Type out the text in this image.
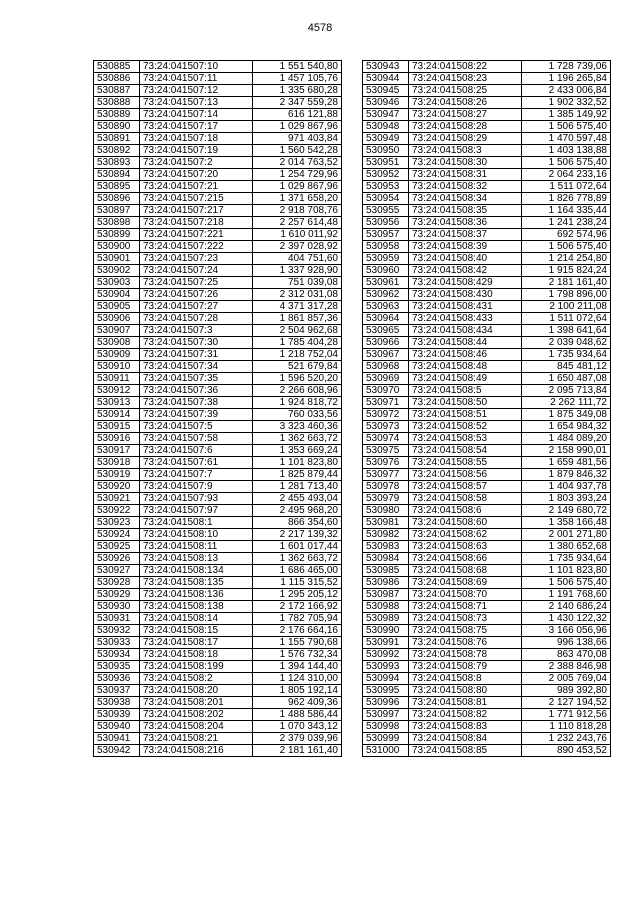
4578
530885	73:24:041507:10	1 551 540,80
530886	73:24:041507:11	1 457 105,76
530887	73:24:041507:12	1 335 680,28
530888	73:24:041507:13	2 347 559,28
530889	73:24:041507:14	616 121,88
530890	73:24:041507:17	1 029 867,96
530891	73:24:041507:18	971 403,84
530892	73:24:041507:19	1 560 542,28
530893	73:24:041507:2	2 014 763,52
530894	73:24:041507:20	1 254 729,96
530895	73:24:041507:21	1 029 867,96
530896	73:24:041507:215	1 371 658,20
530897	73:24:041507:217	2 918 708,76
530898	73:24:041507:218	2 257 614,48
530899	73:24:041507:221	1 610 011,92
530900	73:24:041507:222	2 397 028,92
530901	73:24:041507:23	404 751,60
530902	73:24:041507:24	1 337 928,90
530903	73:24:041507:25	751 039,08
530904	73:24:041507:26	2 312 031,08
530905	73:24:041507:27	4 371 317,28
530906	73:24:041507:28	1 861 857,36
530907	73:24:041507:3	2 504 962,68
530908	73:24:041507:30	1 785 404,28
530909	73:24:041507:31	1 218 752,04
530910	73:24:041507:34	521 679,84
530911	73:24:041507:35	1 596 520,20
530912	73:24:041507:36	2 266 608,96
530913	73:24:041507:38	1 924 818,72
530914	73:24:041507:39	760 033,56
530915	73:24:041507:5	3 323 460,36
530916	73:24:041507:58	1 362 663,72
530917	73:24:041507:6	1 353 669,24
530918	73:24:041507:61	1 101 823,80
530919	73:24:041507:7	1 825 879,44
530920	73:24:041507:9	1 281 713,40
530921	73:24:041507:93	2 455 493,04
530922	73:24:041507:97	2 495 968,20
530923	73:24:041508:1	866 354,60
530924	73:24:041508:10	2 217 139,32
530925	73:24:041508:11	1 601 017,44
530926	73:24:041508:13	1 362 663,72
530927	73:24:041508:134	1 686 465,00
530928	73:24:041508:135	1 115 315,52
530929	73:24:041508:136	1 295 205,12
530930	73:24:041508:138	2 172 166,92
530931	73:24:041508:14	1 782 705,94
530932	73:24:041508:15	2 176 664,16
530933	73:24:041508:17	1 155 790,68
530934	73:24:041508:18	1 576 732,34
530935	73:24:041508:199	1 394 144,40
530936	73:24:041508:2	1 124 310,00
530937	73:24:041508:20	1 805 192,14
530938	73:24:041508:201	962 409,36
530939	73:24:041508:202	1 488 586,44
530940	73:24:041508:204	1 070 343,12
530941	73:24:041508:21	2 379 039,96
530942	73:24:041508:216	2 181 161,40
530943	73:24:041508:22	1 728 739,06
530944	73:24:041508:23	1 196 265,84
530945	73:24:041508:25	2 433 006,84
530946	73:24:041508:26	1 902 332,52
530947	73:24:041508:27	1 385 149,92
530948	73:24:041508:28	1 506 575,40
530949	73:24:041508:29	1 470 597,48
530950	73:24:041508:3	1 403 138,88
530951	73:24:041508:30	1 506 575,40
530952	73:24:041508:31	2 064 233,16
530953	73:24:041508:32	1 511 072,64
530954	73:24:041508:34	1 826 778,89
530955	73:24:041508:35	1 164 335,44
530956	73:24:041508:36	1 241 238,24
530957	73:24:041508:37	692 574,96
530958	73:24:041508:39	1 506 575,40
530959	73:24:041508:40	1 214 254,80
530960	73:24:041508:42	1 915 824,24
530961	73:24:041508:429	2 181 161,40
530962	73:24:041508:430	1 798 896,00
530963	73:24:041508:431	2 100 211,08
530964	73:24:041508:433	1 511 072,64
530965	73:24:041508:434	1 398 641,64
530966	73:24:041508:44	2 039 048,62
530967	73:24:041508:46	1 735 934,64
530968	73:24:041508:48	845 481,12
530969	73:24:041508:49	1 650 487,08
530970	73:24:041508:5	2 095 713,84
530971	73:24:041508:50	2 262 111,72
530972	73:24:041508:51	1 875 349,08
530973	73:24:041508:52	1 654 984,32
530974	73:24:041508:53	1 484 089,20
530975	73:24:041508:54	2 158 990,01
530976	73:24:041508:55	1 659 481,56
530977	73:24:041508:56	1 879 846,32
530978	73:24:041508:57	1 404 937,78
530979	73:24:041508:58	1 803 393,24
530980	73:24:041508:6	2 149 680,72
530981	73:24:041508:60	1 358 166,48
530982	73:24:041508:62	2 001 271,80
530983	73:24:041508:63	1 380 652,68
530984	73:24:041508:66	1 735 934,64
530985	73:24:041508:68	1 101 823,80
530986	73:24:041508:69	1 506 575,40
530987	73:24:041508:70	1 191 768,60
530988	73:24:041508:71	2 140 686,24
530989	73:24:041508:73	1 430 122,32
530990	73:24:041508:75	3 166 056,96
530991	73:24:041508:76	996 138,66
530992	73:24:041508:78	863 470,08
530993	73:24:041508:79	2 388 846,98
530994	73:24:041508:8	2 005 769,04
530995	73:24:041508:80	989 392,80
530996	73:24:041508:81	2 127 194,52
530997	73:24:041508:82	1 771 912,56
530998	73:24:041508:83	1 110 818,28
530999	73:24:041508:84	1 232 243,76
531000	73:24:041508:85	890 453,52
